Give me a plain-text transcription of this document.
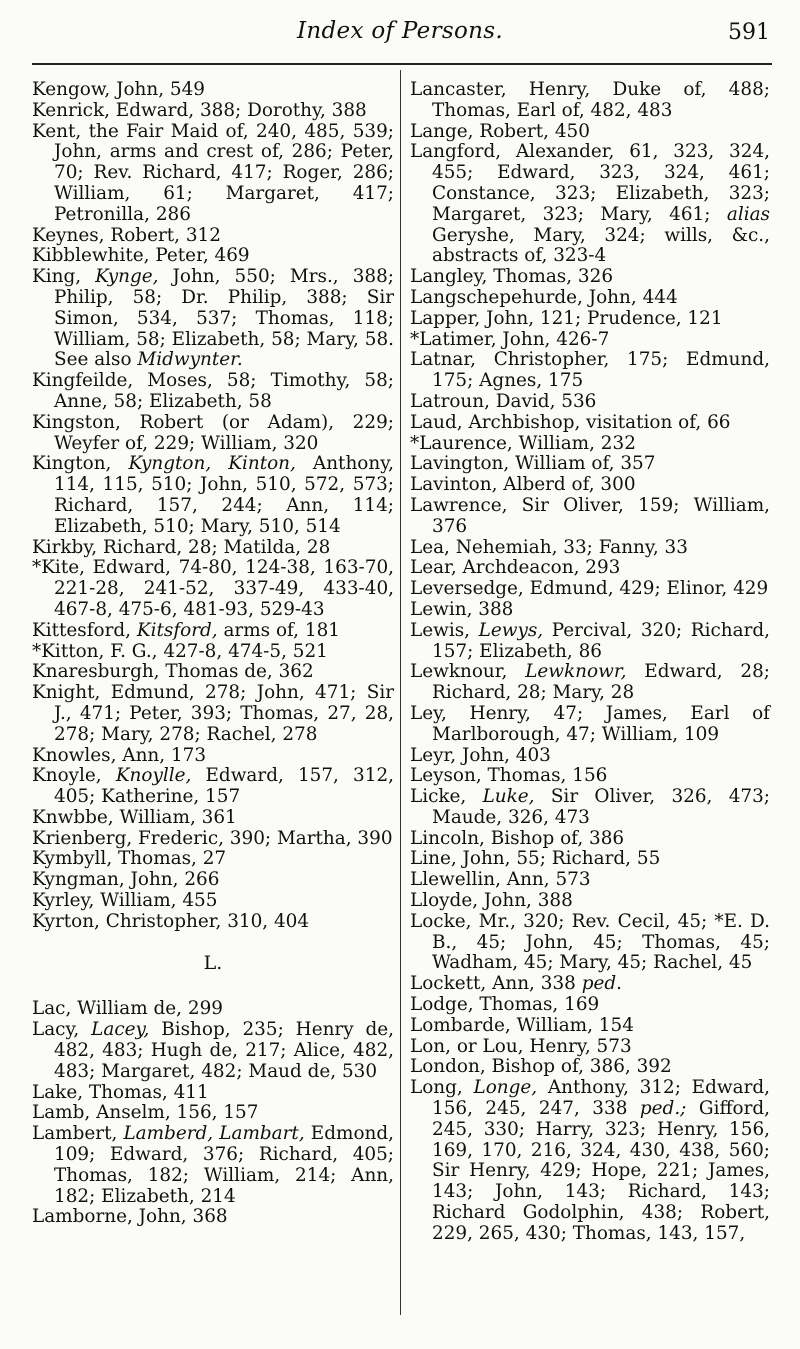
Index of Persons.	591

Kengow, John, 549

Kenrick, Edward, 388; Dorothy, 388

Kent, the Fair Maid of, 240, 485, 539; John, arms and crest of, 286; Peter, 70; Rev. Richard, 417; Roger, 286; William, 61; Margaret, 417; Petronilla, 286

Keynes, Robert, 312

Kibblewhite, Peter, 469

King, Kynge, John, 550; Mrs., 388; Philip, 58; Dr. Philip, 388; Sir Simon, 534, 537; Thomas, 118; William, 58; Elizabeth, 58; Mary, 58. See also Midwynter.

Kingfeilde, Moses, 58; Timothy, 58; Anne, 58; Elizabeth, 58

Kingston, Robert (or Adam), 229; Weyfer of, 229; William, 320

Kington, Kyngton, Kinton, Anthony, 114, 115, 510; John, 510, 572, 573; Richard, 157, 244; Ann, 114; Elizabeth, 510; Mary, 510, 514

Kirkby, Richard, 28; Matilda, 28

*Kite, Edward, 74-80, 124-38, 163-70, 221-28, 241-52, 337-49, 433-40, 467-8, 475-6, 481-93, 529-43

Kittesford, Kitsford, arms of, 181

*Kitton, F. G., 427-8, 474-5, 521

Knaresburgh, Thomas de, 362

Knight, Edmund, 278; John, 471; Sir J., 471; Peter, 393; Thomas, 27, 28, 278; Mary, 278; Rachel, 278

Knowles, Ann, 173

Knoyle, Knoylle, Edward, 157, 312, 405; Katherine, 157

Knwbbe, William, 361

Krienberg, Frederic, 390; Martha, 390

Kymbyll, Thomas, 27

Kyngman, John, 266

Kyrley, William, 455

Kyrton, Christopher, 310, 404

L.

Lac, William de, 299

Lacy, Lacey, Bishop, 235; Henry de, 482, 483; Hugh de, 217; Alice, 482, 483; Margaret, 482; Maud de, 530

Lake, Thomas, 411

Lamb, Anselm, 156, 157

Lambert, Lamberd, Lambart, Edmond, 109; Edward, 376; Richard, 405; Thomas, 182; William, 214; Ann, 182; Elizabeth, 214

Lamborne, John, 368

Lancaster, Henry, Duke of, 488; Thomas, Earl of, 482, 483

Lange, Robert, 450

Langford, Alexander, 61, 323, 324, 455; Edward, 323, 324, 461; Constance, 323; Elizabeth, 323; Margaret, 323; Mary, 461; alias Geryshe, Mary, 324; wills, &c., abstracts of, 323-4

Langley, Thomas, 326

Langschepehurde, John, 444

Lapper, John, 121; Prudence, 121

*Latimer, John, 426-7

Latnar, Christopher, 175; Edmund, 175; Agnes, 175

Latroun, David, 536

Laud, Archbishop, visitation of, 66

*Laurence, William, 232

Lavington, William of, 357

Lavinton, Alberd of, 300

Lawrence, Sir Oliver, 159; William, 376

Lea, Nehemiah, 33; Fanny, 33

Lear, Archdeacon, 293

Leversedge, Edmund, 429; Elinor, 429

Lewin, 388

Lewis, Lewys, Percival, 320; Richard, 157; Elizabeth, 86

Lewknour, Lewknowr, Edward, 28; Richard, 28; Mary, 28

Ley, Henry, 47; James, Earl of Marlborough, 47; William, 109

Leyr, John, 403

Leyson, Thomas, 156

Licke, Luke, Sir Oliver, 326, 473; Maude, 326, 473

Lincoln, Bishop of, 386

Line, John, 55; Richard, 55

Llewellin, Ann, 573

Lloyde, John, 388

Locke, Mr., 320; Rev. Cecil, 45; *E. D. B., 45; John, 45; Thomas, 45; Wadham, 45; Mary, 45; Rachel, 45

Lockett, Ann, 338 ped.

Lodge, Thomas, 169

Lombarde, William, 154

Lon, or Lou, Henry, 573

London, Bishop of, 386, 392

Long, Longe, Anthony, 312; Edward, 156, 245, 247, 338 ped.; Gifford, 245, 330; Harry, 323; Henry, 156, 169, 170, 216, 324, 430, 438, 560; Sir Henry, 429; Hope, 221; James, 143; John, 143; Richard, 143; Richard Godolphin, 438; Robert, 229, 265, 430; Thomas, 143, 157,
